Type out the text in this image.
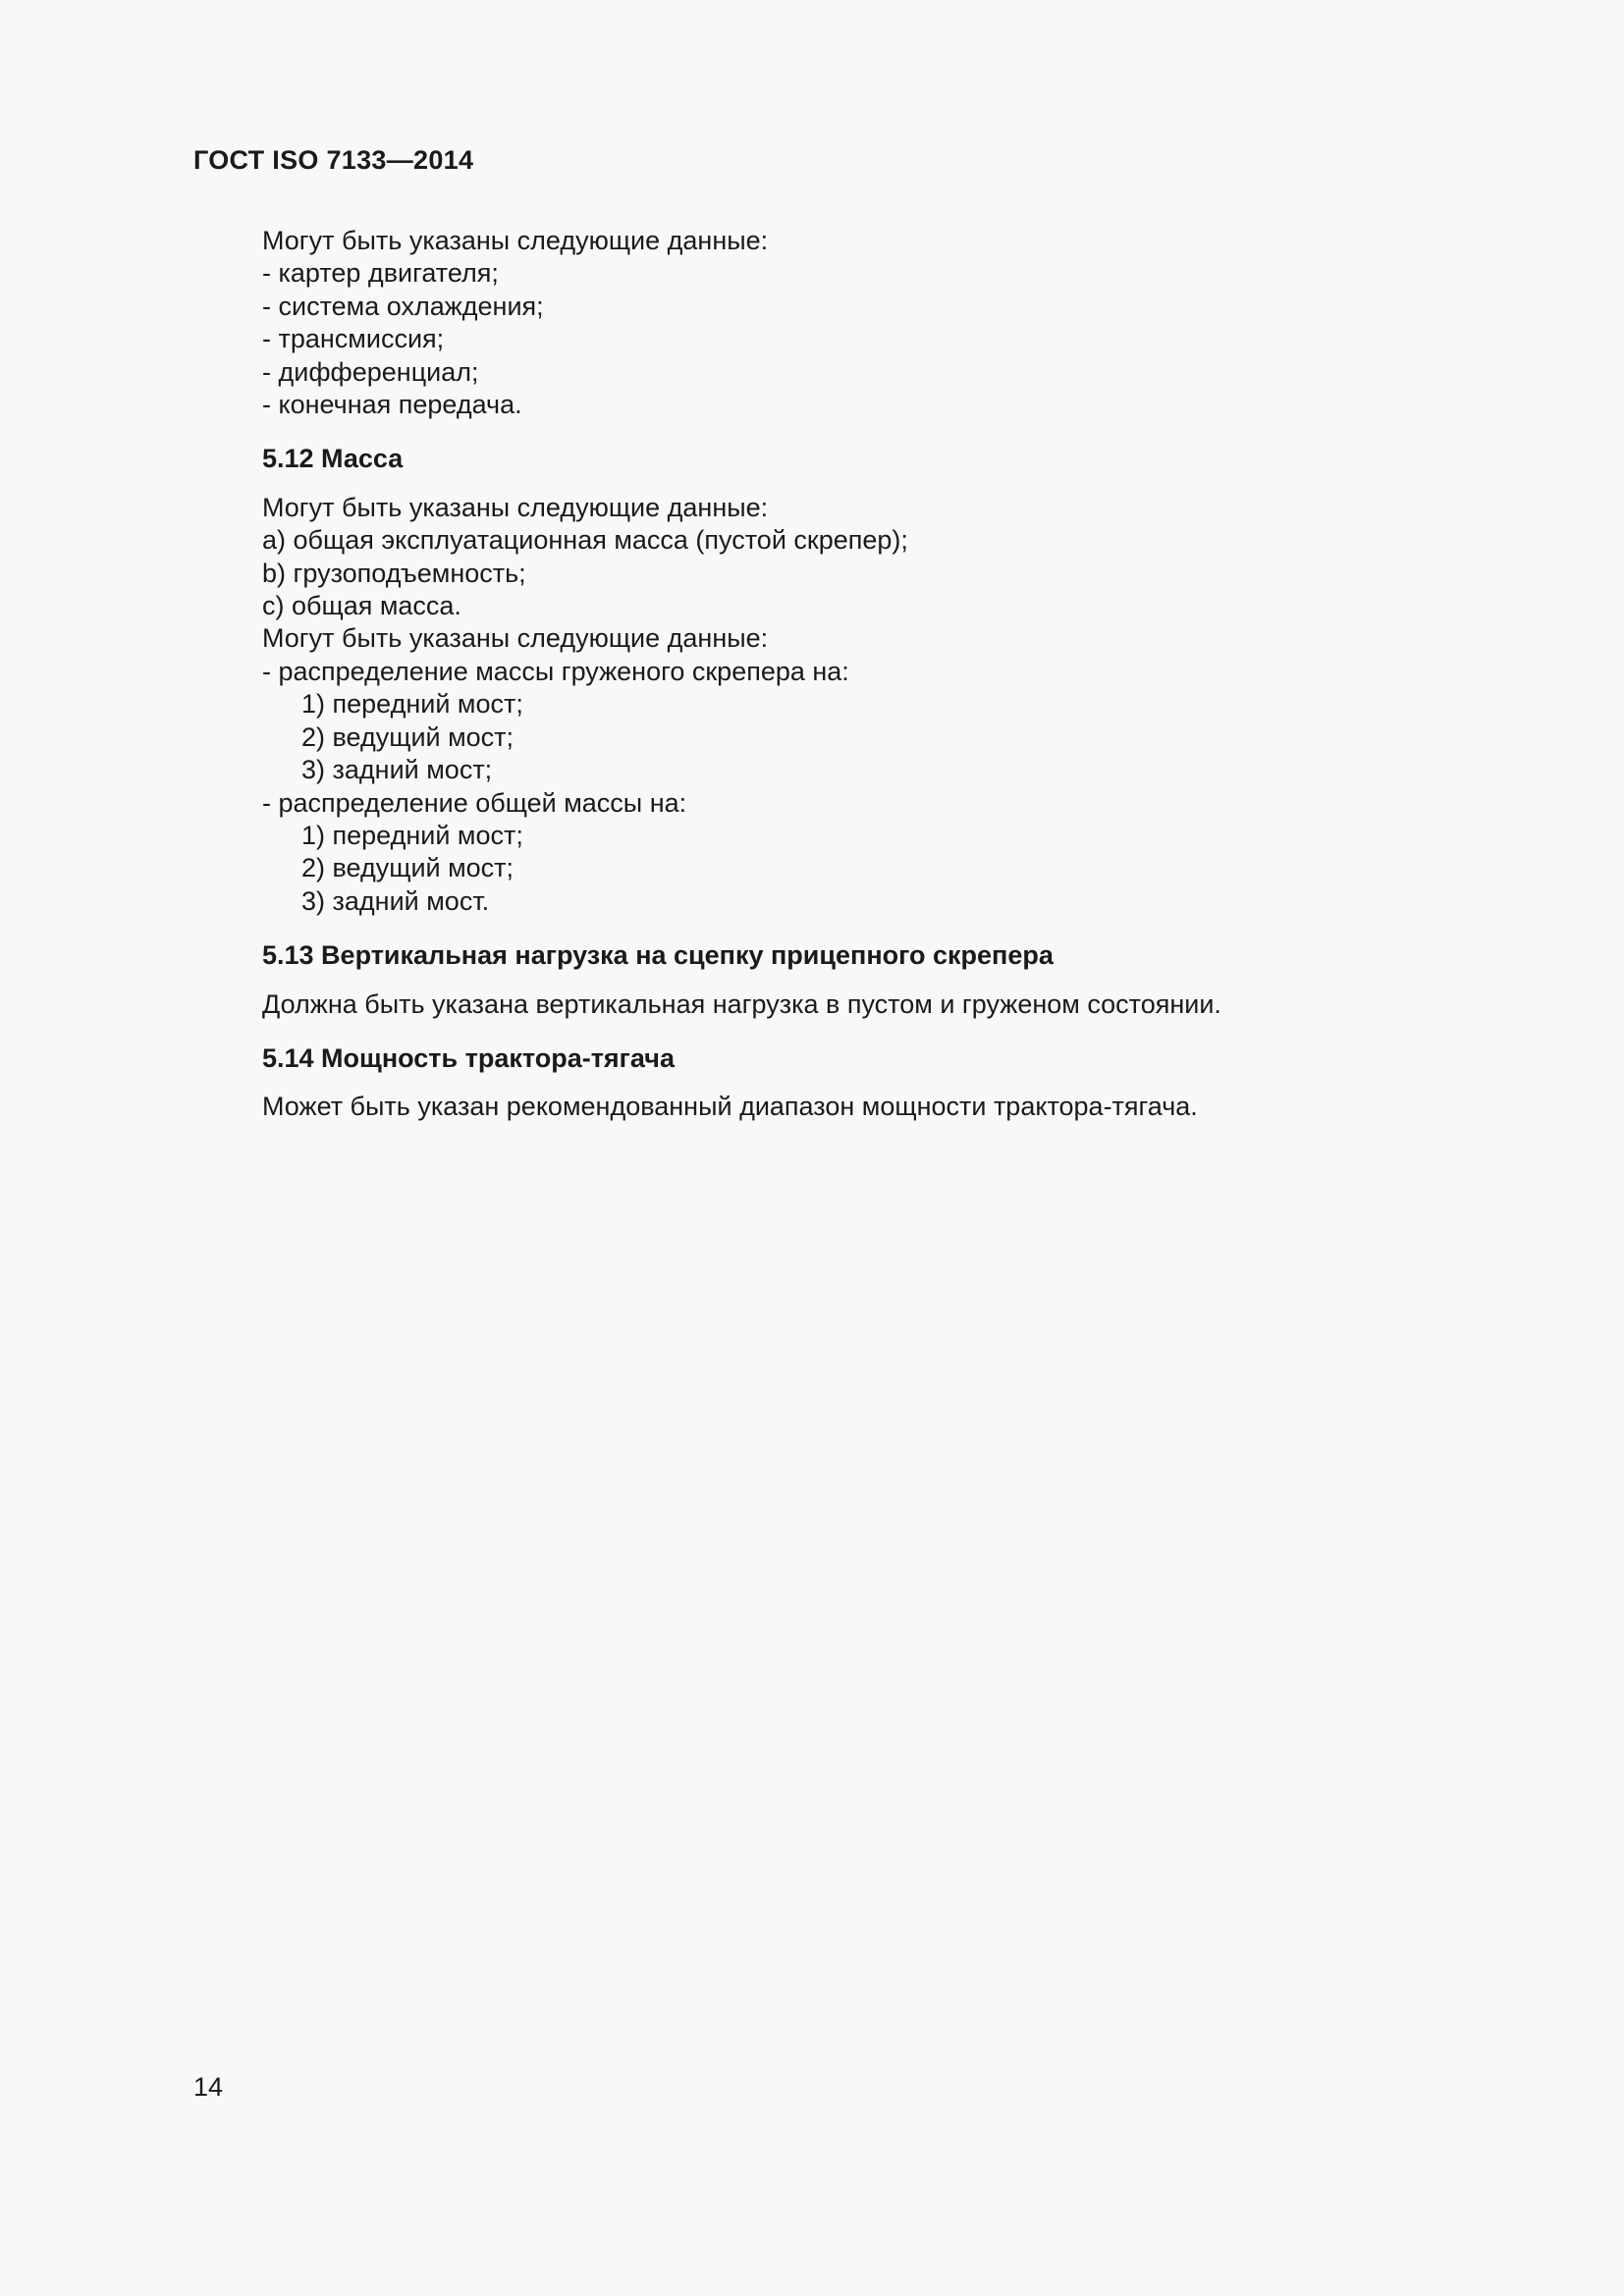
ГОСТ ISO 7133—2014
Могут быть указаны следующие данные:
- картер двигателя;
- система охлаждения;
- трансмиссия;
- дифференциал;
- конечная передача.
5.12 Масса
Могут быть указаны следующие данные:
a) общая эксплуатационная масса (пустой скрепер);
b) грузоподъемность;
c) общая масса.
Могут быть указаны следующие данные:
- распределение массы груженого скрепера на:
1) передний мост;
2) ведущий мост;
3) задний мост;
- распределение общей массы на:
1) передний мост;
2) ведущий мост;
3) задний мост.
5.13 Вертикальная нагрузка на сцепку прицепного скрепера
Должна быть указана вертикальная нагрузка в пустом и груженом состоянии.
5.14 Мощность трактора-тягача
Может быть указан рекомендованный диапазон мощности трактора-тягача.
14
